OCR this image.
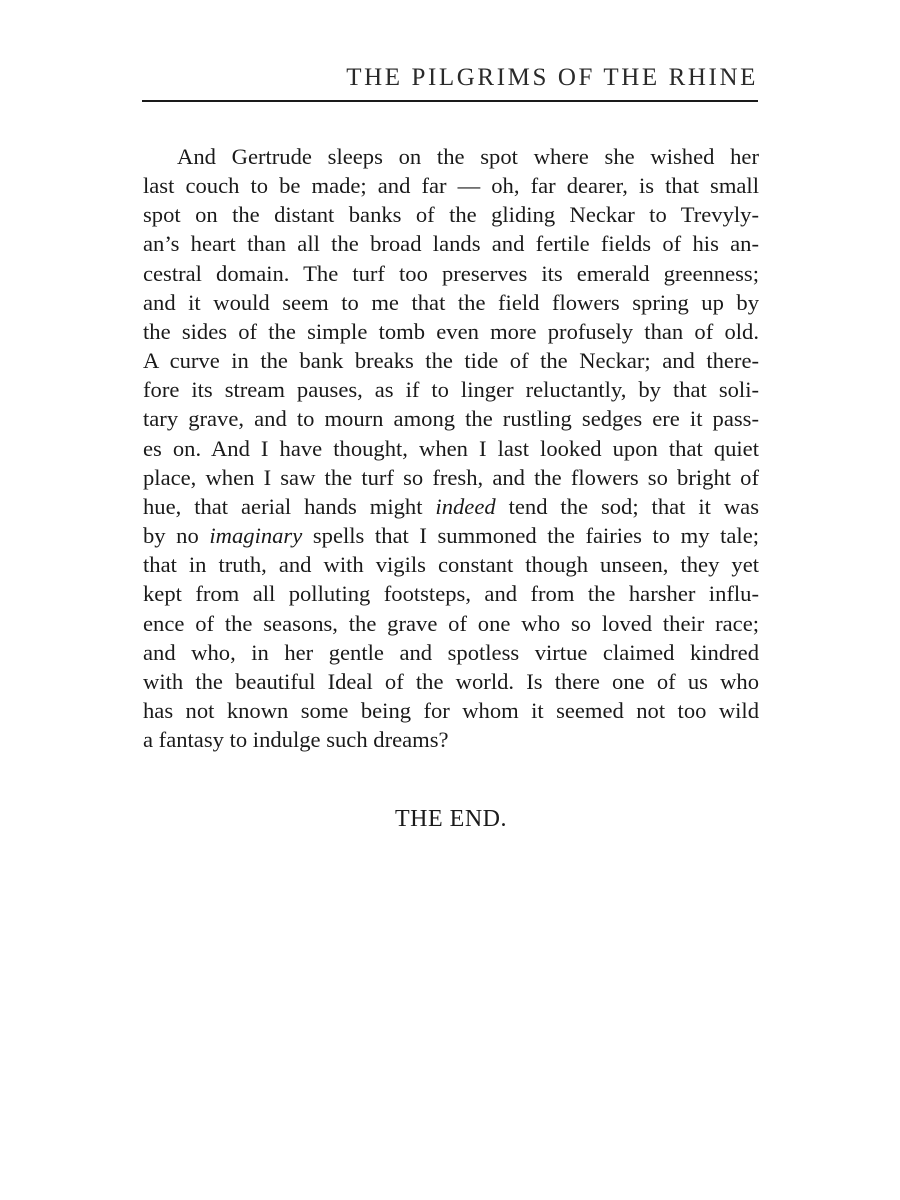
THE PILGRIMS OF THE RHINE
And Gertrude sleeps on the spot where she wished her
last couch to be made; and far — oh, far dearer, is that small
spot on the distant banks of the gliding Neckar to Trevyly-
an’s heart than all the broad lands and fertile fields of his an-
cestral domain. The turf too preserves its emerald greenness;
and it would seem to me that the field flowers spring up by
the sides of the simple tomb even more profusely than of old.
A curve in the bank breaks the tide of the Neckar; and there-
fore its stream pauses, as if to linger reluctantly, by that soli-
tary grave, and to mourn among the rustling sedges ere it pass-
es on. And I have thought, when I last looked upon that quiet
place, when I saw the turf so fresh, and the flowers so bright of
hue, that aerial hands might indeed tend the sod; that it was
by no imaginary spells that I summoned the fairies to my tale;
that in truth, and with vigils constant though unseen, they yet
kept from all polluting footsteps, and from the harsher influ-
ence of the seasons, the grave of one who so loved their race;
and who, in her gentle and spotless virtue claimed kindred
with the beautiful Ideal of the world. Is there one of us who
has not known some being for whom it seemed not too wild
a fantasy to indulge such dreams?
THE END.
